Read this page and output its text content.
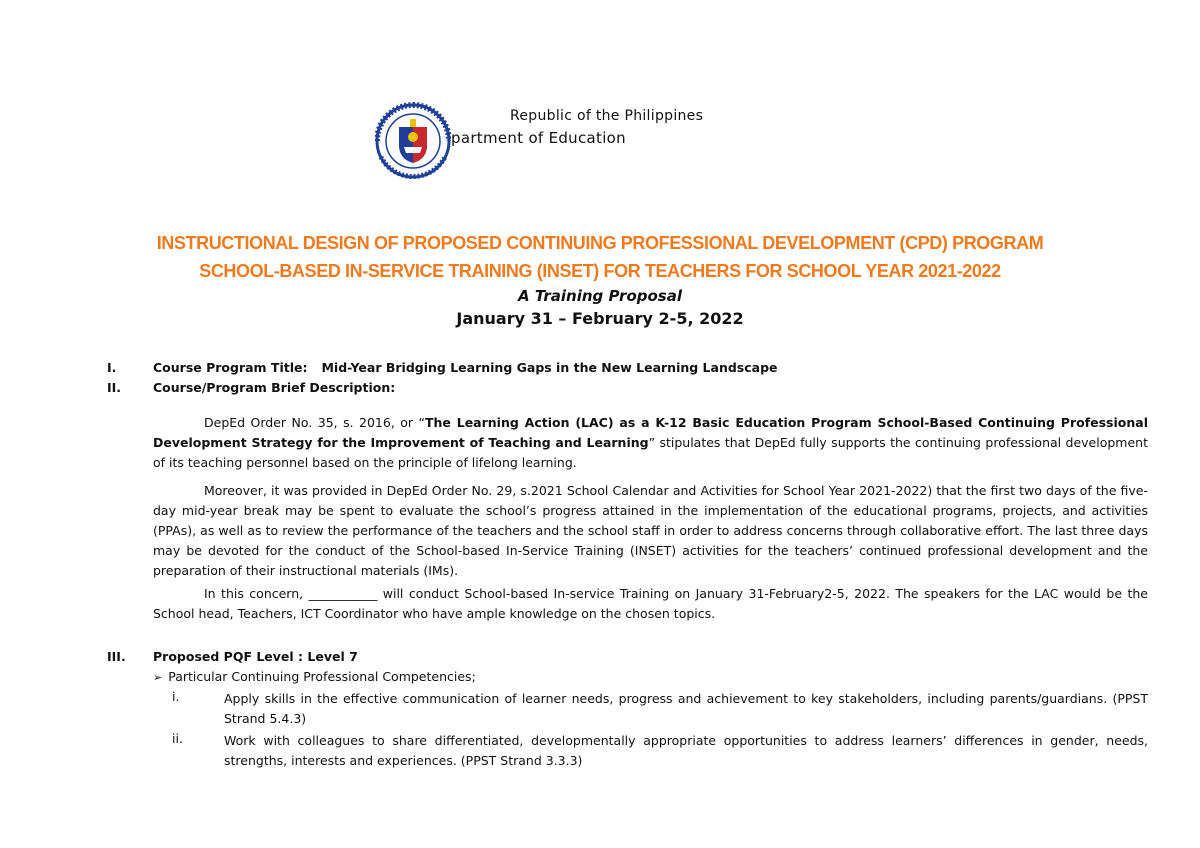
Republic of the Philippines
partment of Education
INSTRUCTIONAL DESIGN OF PROPOSED CONTINUING PROFESSIONAL DEVELOPMENT (CPD) PROGRAM
SCHOOL-BASED IN-SERVICE TRAINING (INSET) FOR TEACHERS FOR SCHOOL YEAR 2021-2022
A Training Proposal
January 31 – February 2-5, 2022
I.	Course Program Title: Mid-Year Bridging Learning Gaps in the New Learning Landscape
II.	Course/Program Brief Description:
DepEd Order No. 35, s. 2016, or “The Learning Action (LAC) as a K-12 Basic Education Program School-Based Continuing Professional Development Strategy for the Improvement of Teaching and Learning” stipulates that DepEd fully supports the continuing professional development of its teaching personnel based on the principle of lifelong learning.
Moreover, it was provided in DepEd Order No. 29, s.2021 School Calendar and Activities for School Year 2021-2022) that the first two days of the five-day mid-year break may be spent to evaluate the school’s progress attained in the implementation of the educational programs, projects, and activities (PPAs), as well as to review the performance of the teachers and the school staff in order to address concerns through collaborative effort. The last three days may be devoted for the conduct of the School-based In-Service Training (INSET) activities for the teachers’ continued professional development and the preparation of their instructional materials (IMs).
In this concern, ___________ will conduct School-based In-service Training on January 31-February2-5, 2022. The speakers for the LAC would be the School head, Teachers, ICT Coordinator who have ample knowledge on the chosen topics.
III. Proposed PQF Level : Level 7
➢ Particular Continuing Professional Competencies;
i.	Apply skills in the effective communication of learner needs, progress and achievement to key stakeholders, including parents/guardians. (PPST Strand 5.4.3)
ii.	Work with colleagues to share differentiated, developmentally appropriate opportunities to address learners’ differences in gender, needs, strengths, interests and experiences. (PPST Strand 3.3.3)
